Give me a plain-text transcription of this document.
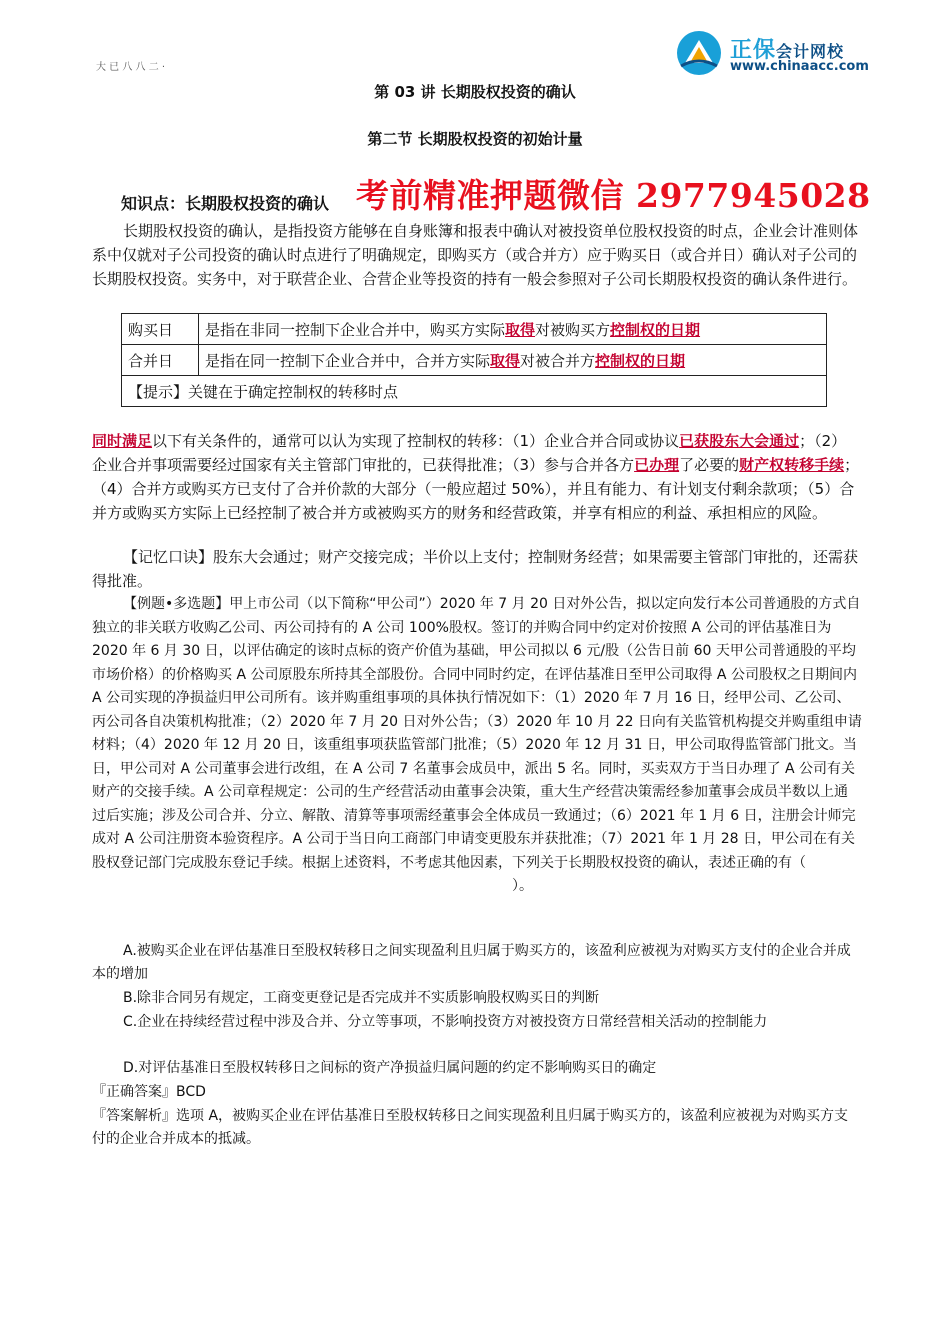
正保会计网校
www.chinaacc.com
大 已 八 八 二 ·
第 03 讲 长期股权投资的确认
第二节 长期股权投资的初始计量
知识点：长期股权投资的确认 考前精准押题微信 2977945028
长期股权投资的确认，是指投资方能够在自身账簿和报表中确认对被投资单位股权投资的时点，企业会计准则体系中仅就对子公司投资的确认时点进行了明确规定，即购买方（或合并方）应于购买日（或合并日）确认对子公司的长期股权投资。实务中，对于联营企业、合营企业等投资的持有一般会参照对子公司长期股权投资的确认条件进行。
购买日	是指在非同一控制下企业合并中，购买方实际取得对被购买方控制权的日期
合并日	是指在同一控制下企业合并中，合并方实际取得对被合并方控制权的日期
【提示】关键在于确定控制权的转移时点	
同时满足以下有关条件的，通常可以认为实现了控制权的转移：（1）企业合并合同或协议已获股东大会通过；（2）企业合并事项需要经过国家有关主管部门审批的，已获得批准；（3）参与合并各方已办理了必要的财产权转移手续；（4）合并方或购买方已支付了合并价款的大部分（一般应超过 50%），并且有能力、有计划支付剩余款项；（5）合并方或购买方实际上已经控制了被合并方或被购买方的财务和经营政策，并享有相应的利益、承担相应的风险。
【记忆口诀】股东大会通过；财产交接完成；半价以上支付；控制财务经营；如果需要主管部门审批的，还需获得批准。
【例题•多选题】甲上市公司（以下简称“甲公司”）2020 年 7 月 20 日对外公告，拟以定向发行本公司普通股的方式自独立的非关联方收购乙公司、丙公司持有的 A 公司 100%股权。签订的并购合同中约定对价按照 A 公司的评估基准日为 2020 年 6 月 30 日，以评估确定的该时点标的资产价值为基础，甲公司拟以 6 元/股（公告日前 60 天甲公司普通股的平均市场价格）的价格购买 A 公司原股东所持其全部股份。合同中同时约定，在评估基准日至甲公司取得 A 公司股权之日期间内 A 公司实现的净损益归甲公司所有。该并购重组事项的具体执行情况如下：（1）2020 年 7 月 16 日，经甲公司、乙公司、丙公司各自决策机构批准；（2）2020 年 7 月 20 日对外公告；（3）2020 年 10 月 22 日向有关监管机构提交并购重组申请材料；（4）2020 年 12 月 20 日，该重组事项获监管部门批准；（5）2020 年 12 月 31 日，甲公司取得监管部门批文。当日，甲公司对 A 公司董事会进行改组，在 A 公司 7 名董事会成员中，派出 5 名。同时，买卖双方于当日办理了 A 公司有关财产的交接手续。A 公司章程规定：公司的生产经营活动由董事会决策，重大生产经营决策需经参加董事会成员半数以上通过后实施；涉及公司合并、分立、解散、清算等事项需经董事会全体成员一致通过；（6）2021 年 1 月 6 日，注册会计师完成对 A 公司注册资本验资程序。A 公司于当日向工商部门申请变更股东并获批准；（7）2021 年 1 月 28 日，甲公司在有关股权登记部门完成股东登记手续。根据上述资料，不考虑其他因素，下列关于长期股权投资的确认，表述正确的有（）。
A.被购买企业在评估基准日至股权转移日之间实现盈利且归属于购买方的，该盈利应被视为对购买方支付的企业合并成本的增加
B.除非合同另有规定，工商变更登记是否完成并不实质影响股权购买日的判断
C.企业在持续经营过程中涉及合并、分立等事项，不影响投资方对被投资方日常经营相关活动的控制能力
D.对评估基准日至股权转移日之间标的资产净损益归属问题的约定不影响购买日的确定
『正确答案』BCD
『答案解析』选项 A，被购买企业在评估基准日至股权转移日之间实现盈利且归属于购买方的，该盈利应被视为对购买方支付的企业合并成本的抵减。
